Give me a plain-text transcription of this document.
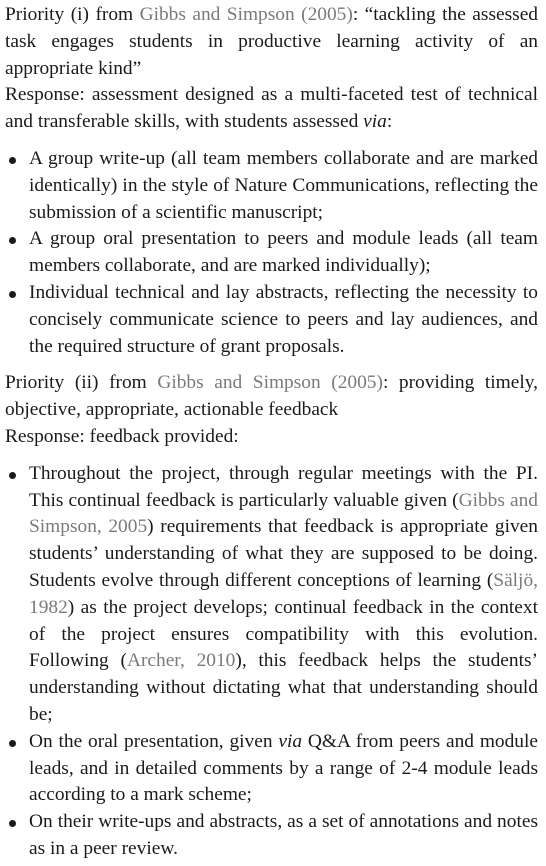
Priority (i) from Gibbs and Simpson (2005): “tackling the assessed task engages students in productive learning activity of an appropriate kind”

Response: assessment designed as a multi-faceted test of technical and transferable skills, with students assessed via:

A group write-up (all team members collaborate and are marked identically) in the style of Nature Communications, reflecting the submission of a scientific manuscript;
A group oral presentation to peers and module leads (all team members collaborate, and are marked individually);
Individual technical and lay abstracts, reflecting the necessity to concisely communicate science to peers and lay audiences, and the required structure of grant proposals.

Priority (ii) from Gibbs and Simpson (2005): providing timely, objective, appropriate, actionable feedback

Response: feedback provided:

Throughout the project, through regular meetings with the PI. This continual feedback is particularly valuable given (Gibbs and Simpson, 2005) requirements that feedback is appropriate given students’ understanding of what they are supposed to be doing. Students evolve through different conceptions of learning (Säljö, 1982) as the project develops; continual feedback in the context of the project ensures compatibility with this evolution. Following (Archer, 2010), this feedback helps the students’ understanding without dictating what that understanding should be;
On the oral presentation, given via Q&A from peers and module leads, and in detailed comments by a range of 2-4 module leads according to a mark scheme;
On their write-ups and abstracts, as a set of annotations and notes as in a peer review.
